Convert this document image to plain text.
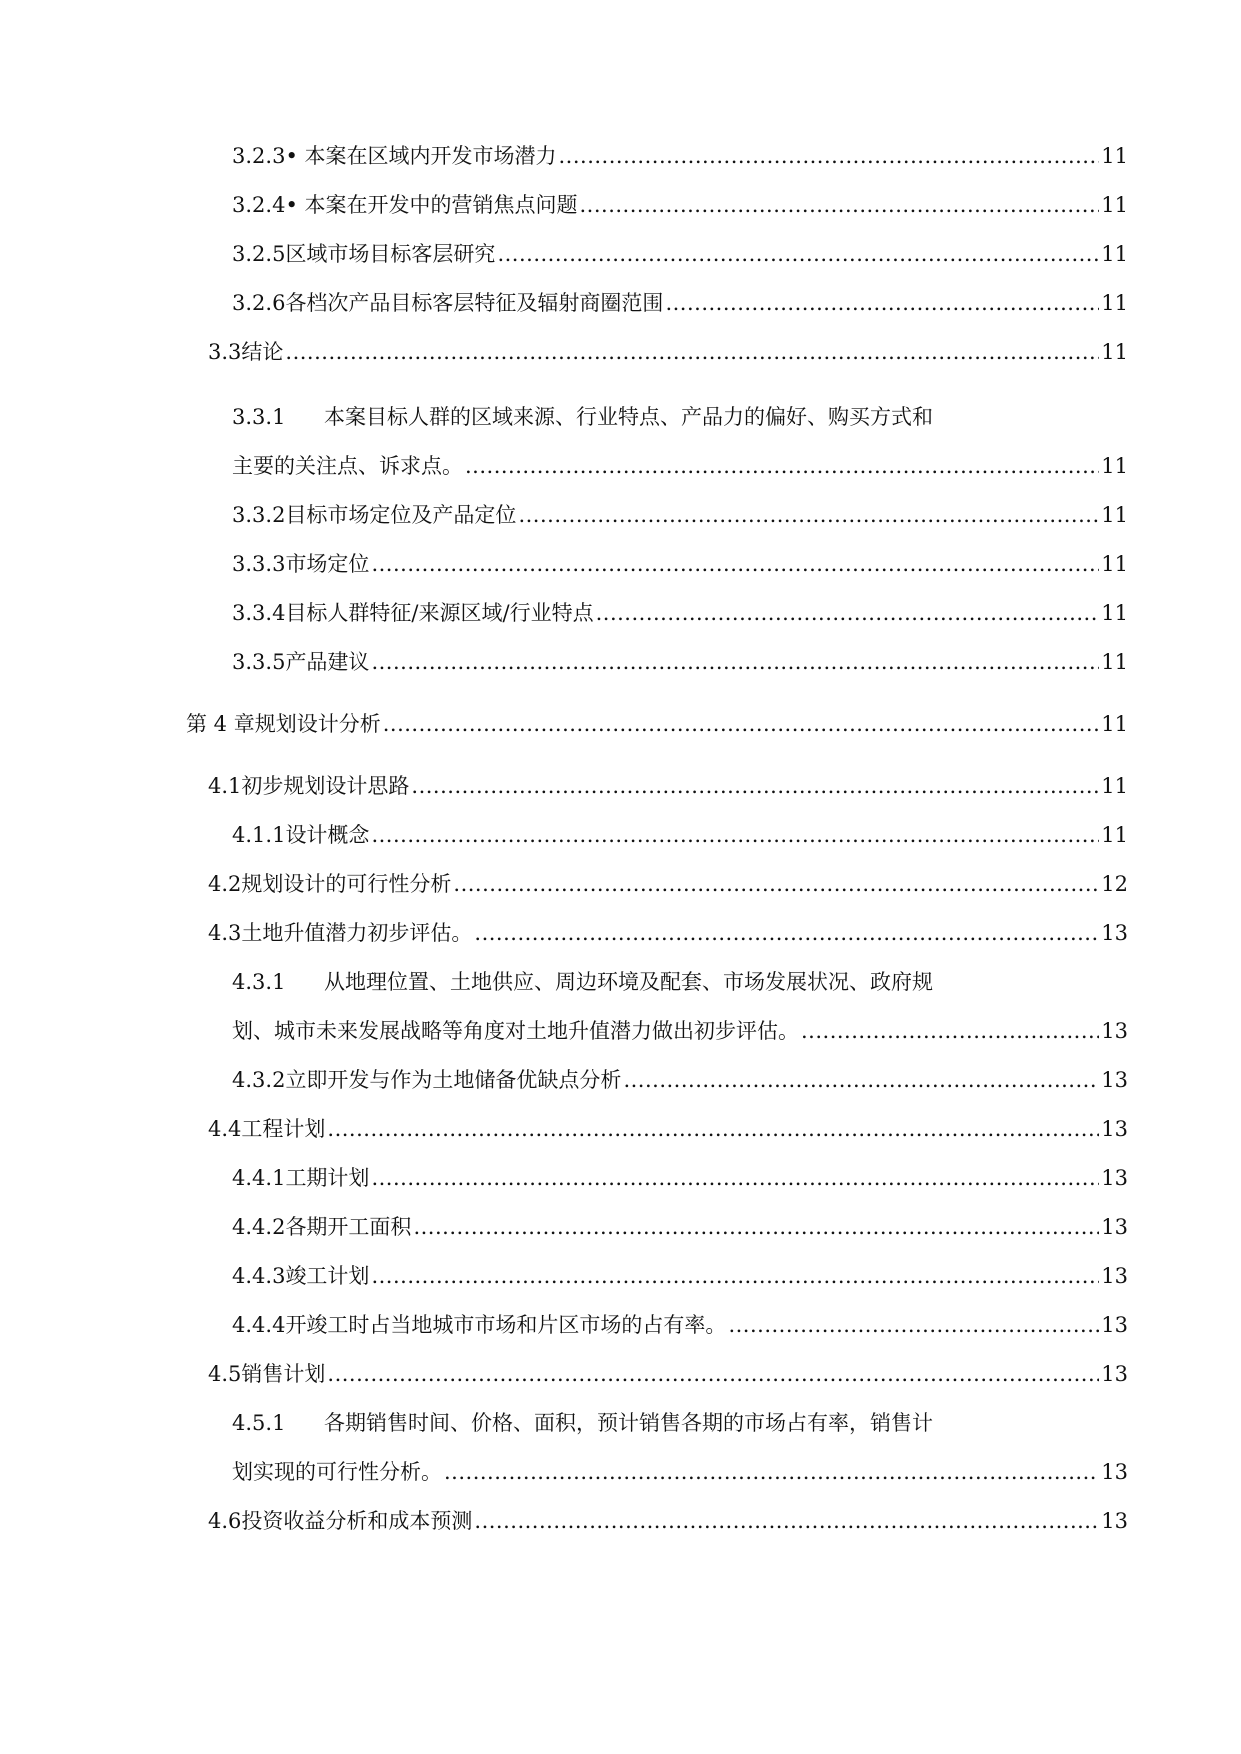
3.2.3 • 本案在区域内开发市场潜力 .....	11
3.2.4 • 本案在开发中的营销焦点问题 .....	11
3.2.5 区域市场目标客层研究 .....	11
3.2.6 各档次产品目标客层特征及辐射商圈范围 .....	11
3.3 结论 .....	11
3.3.1 本案目标人群的区域来源、行业特点、产品力的偏好、购买方式和
主要的关注点、诉求点。 .....	11
3.3.2 目标市场定位及产品定位 .....	11
3.3.3 市场定位 .....	11
3.3.4 目标人群特征/来源区域/行业特点 .....	11
3.3.5 产品建议 .....	11
第 4 章 规划设计分析 .....	11
4.1 初步规划设计思路 .....	11
4.1.1 设计概念 .....	11
4.2 规划设计的可行性分析 .....	12
4.3 土地升值潜力初步评估。 .....	13
4.3.1 从地理位置、土地供应、周边环境及配套、市场发展状况、政府规
划、城市未来发展战略等角度对土地升值潜力做出初步评估。 .....	13
4.3.2 立即开发与作为土地储备优缺点分析 .....	13
4.4 工程计划 .....	13
4.4.1 工期计划 .....	13
4.4.2 各期开工面积 .....	13
4.4.3 竣工计划 .....	13
4.4.4 开竣工时占当地城市市场和片区市场的占有率。 .....	13
4.5 销售计划 .....	13
4.5.1 各期销售时间、价格、面积，预计销售各期的市场占有率，销售计
划实现的可行性分析。 .....	13
4.6 投资收益分析和成本预测 .....	13
